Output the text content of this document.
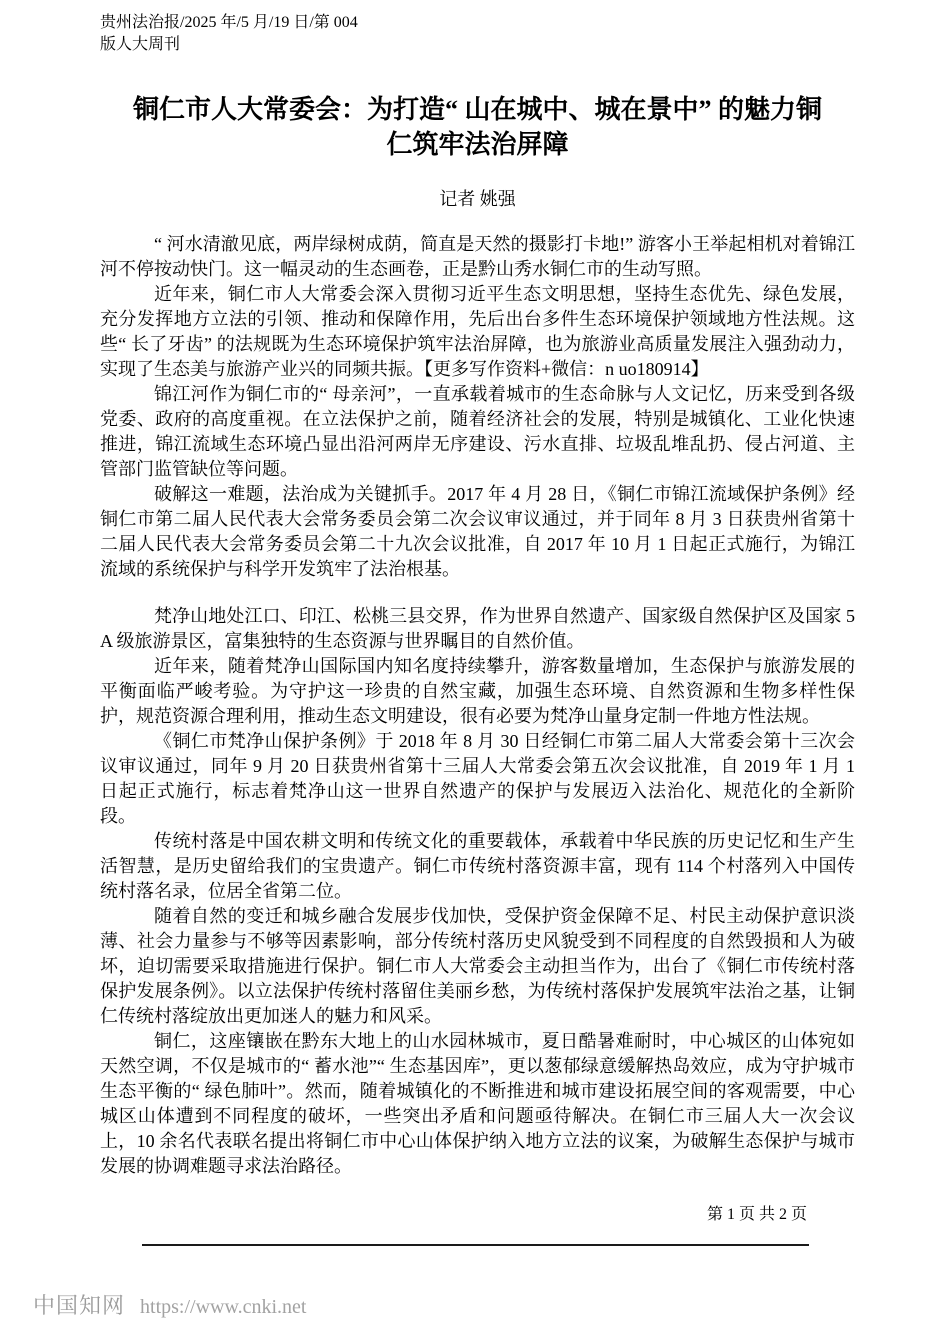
贵州法治报/2025 年/5 月/19 日/第 004
版人大周刊
铜仁市人大常委会：为打造“ 山在城中、城在景中” 的魅力铜
仁筑牢法治屏障
记者 姚强

“ 河水清澈见底，两岸绿树成荫，简直是天然的摄影打卡地!” 游客小王举起相机对着锦江河不停按动快门。这一幅灵动的生态画卷，正是黔山秀水铜仁市的生动写照。

近年来，铜仁市人大常委会深入贯彻习近平生态文明思想，坚持生态优先、绿色发展，充分发挥地方立法的引领、推动和保障作用，先后出台多件生态环境保护领域地方性法规。这些“ 长了牙齿” 的法规既为生态环境保护筑牢法治屏障，也为旅游业高质量发展注入强劲动力，实现了生态美与旅游产业兴的同频共振。【更多写作资料+微信：n uo180914】

锦江河作为铜仁市的“ 母亲河”，一直承载着城市的生态命脉与人文记忆，历来受到各级党委、政府的高度重视。在立法保护之前，随着经济社会的发展，特别是城镇化、工业化快速推进，锦江流域生态环境凸显出沿河两岸无序建设、污水直排、垃圾乱堆乱扔、侵占河道、主管部门监管缺位等问题。

破解这一难题，法治成为关键抓手。2017 年 4 月 28 日，《铜仁市锦江流域保护条例》经铜仁市第二届人民代表大会常务委员会第二次会议审议通过，并于同年 8 月 3 日获贵州省第十二届人民代表大会常务委员会第二十九次会议批准，自 2017 年 10 月 1 日起正式施行，为锦江流域的系统保护与科学开发筑牢了法治根基。

梵净山地处江口、印江、松桃三县交界，作为世界自然遗产、国家级自然保护区及国家 5A 级旅游景区，富集独特的生态资源与世界瞩目的自然价值。

近年来，随着梵净山国际国内知名度持续攀升，游客数量增加，生态保护与旅游发展的平衡面临严峻考验。为守护这一珍贵的自然宝藏，加强生态环境、自然资源和生物多样性保护，规范资源合理利用，推动生态文明建设，很有必要为梵净山量身定制一件地方性法规。

《铜仁市梵净山保护条例》于 2018 年 8 月 30 日经铜仁市第二届人大常委会第十三次会议审议通过，同年 9 月 20 日获贵州省第十三届人大常委会第五次会议批准，自 2019 年 1 月 1 日起正式施行，标志着梵净山这一世界自然遗产的保护与发展迈入法治化、规范化的全新阶段。

传统村落是中国农耕文明和传统文化的重要载体，承载着中华民族的历史记忆和生产生活智慧，是历史留给我们的宝贵遗产。铜仁市传统村落资源丰富，现有 114 个村落列入中国传统村落名录，位居全省第二位。

随着自然的变迁和城乡融合发展步伐加快，受保护资金保障不足、村民主动保护意识淡薄、社会力量参与不够等因素影响，部分传统村落历史风貌受到不同程度的自然毁损和人为破坏，迫切需要采取措施进行保护。铜仁市人大常委会主动担当作为，出台了《铜仁市传统村落保护发展条例》。以立法保护传统村落留住美丽乡愁，为传统村落保护发展筑牢法治之基，让铜仁传统村落绽放出更加迷人的魅力和风采。

铜仁，这座镶嵌在黔东大地上的山水园林城市，夏日酷暑难耐时，中心城区的山体宛如天然空调，不仅是城市的“ 蓄水池”“ 生态基因库”，更以葱郁绿意缓解热岛效应，成为守护城市生态平衡的“ 绿色肺叶”。然而，随着城镇化的不断推进和城市建设拓展空间的客观需要，中心城区山体遭到不同程度的破坏，一些突出矛盾和问题亟待解决。在铜仁市三届人大一次会议上，10 余名代表联名提出将铜仁市中心山体保护纳入地方立法的议案，为破解生态保护与城市发展的协调难题寻求法治路径。

第 1 页 共 2 页
中国知网 https://www.cnki.net
